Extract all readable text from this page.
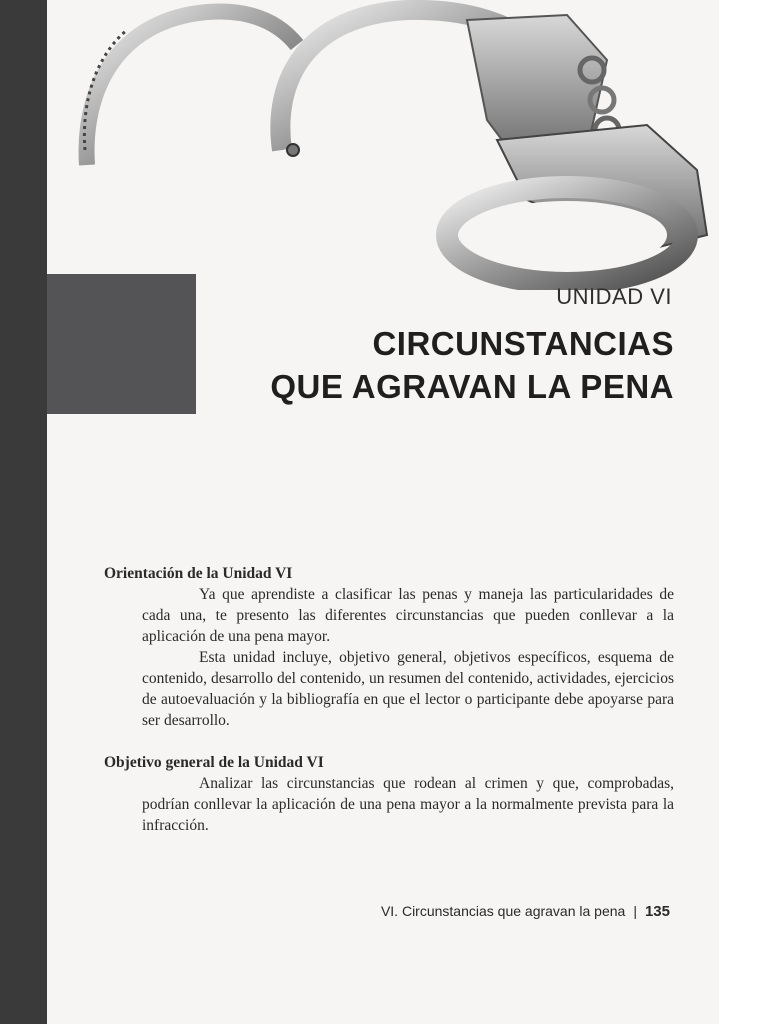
UNIDAD VI
CIRCUNSTANCIAS
QUE AGRAVAN LA PENA
Orientación de la Unidad VI

Ya que aprendiste a clasificar las penas y maneja las particularidades de cada una, te presento las diferentes circunstancias que pueden conllevar a la aplicación de una pena mayor.

Esta unidad incluye, objetivo general, objetivos específicos, esquema de contenido, desarrollo del contenido, un resumen del contenido, actividades, ejercicios de autoevaluación y la bibliografía en que el lector o participante debe apoyarse para ser desarrollo.

Objetivo general de la Unidad VI

Analizar las circunstancias que rodean al crimen y que, comprobadas, podrían conllevar la aplicación de una pena mayor a la normalmente prevista para la infracción.

VI. Circunstancias que agravan la pena | 135
